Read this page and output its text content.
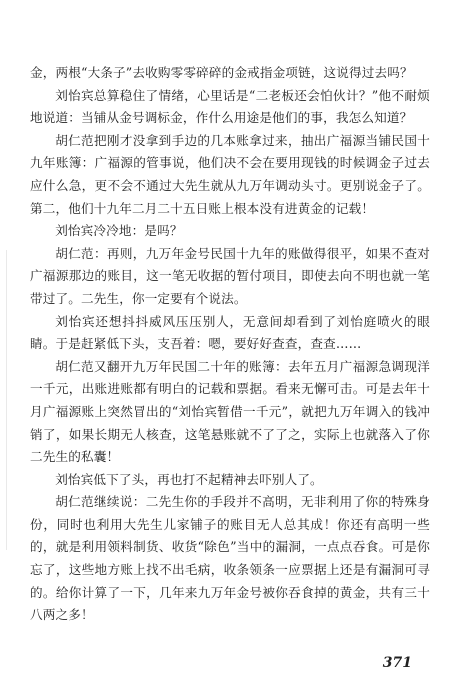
金，两根“大条子”去收购零零碎碎的金戒指金项链，这说得过去吗？

刘怡宾总算稳住了情绪，心里话是“二老板还会怕伙计？”他不耐烦地说道：当铺从金号调标金，作什么用途是他们的事，我怎么知道？

胡仁范把刚才没拿到手边的几本账拿过来，抽出广福源当铺民国十九年账簿：广福源的管事说，他们决不会在要用现钱的时候调金子过去应什么急，更不会不通过大先生就从九万年调动头寸。更别说金子了。第二，他们十九年二月二十五日账上根本没有进黄金的记载！

刘怡宾冷冷地：是吗？

胡仁范：再则，九万年金号民国十九年的账做得很平，如果不查对广福源那边的账目，这一笔无收据的暂付项目，即使去向不明也就一笔带过了。二先生，你一定要有个说法。

刘怡宾还想抖抖威风压压别人，无意间却看到了刘怡庭喷火的眼睛。于是赶紧低下头，支吾着：嗯，要好好查查，查查……

胡仁范又翻开九万年民国二十年的账簿：去年五月广福源急调现洋一千元，出账进账都有明白的记载和票据。看来无懈可击。可是去年十月广福源账上突然冒出的“刘怡宾暂借一千元”，就把九万年调入的钱冲销了，如果长期无人核查，这笔悬账就不了了之，实际上也就落入了你二先生的私囊！

刘怡宾低下了头，再也打不起精神去吓别人了。

胡仁范继续说：二先生你的手段并不高明，无非利用了你的特殊身份，同时也利用大先生儿家铺子的账目无人总其成！你还有高明一些的，就是利用领料制货、收货“除色”当中的漏洞，一点点吞食。可是你忘了，这些地方账上找不出毛病，收条领条一应票据上还是有漏洞可寻的。给你计算了一下，几年来九万年金号被你吞食掉的黄金，共有三十八两之多！

371
